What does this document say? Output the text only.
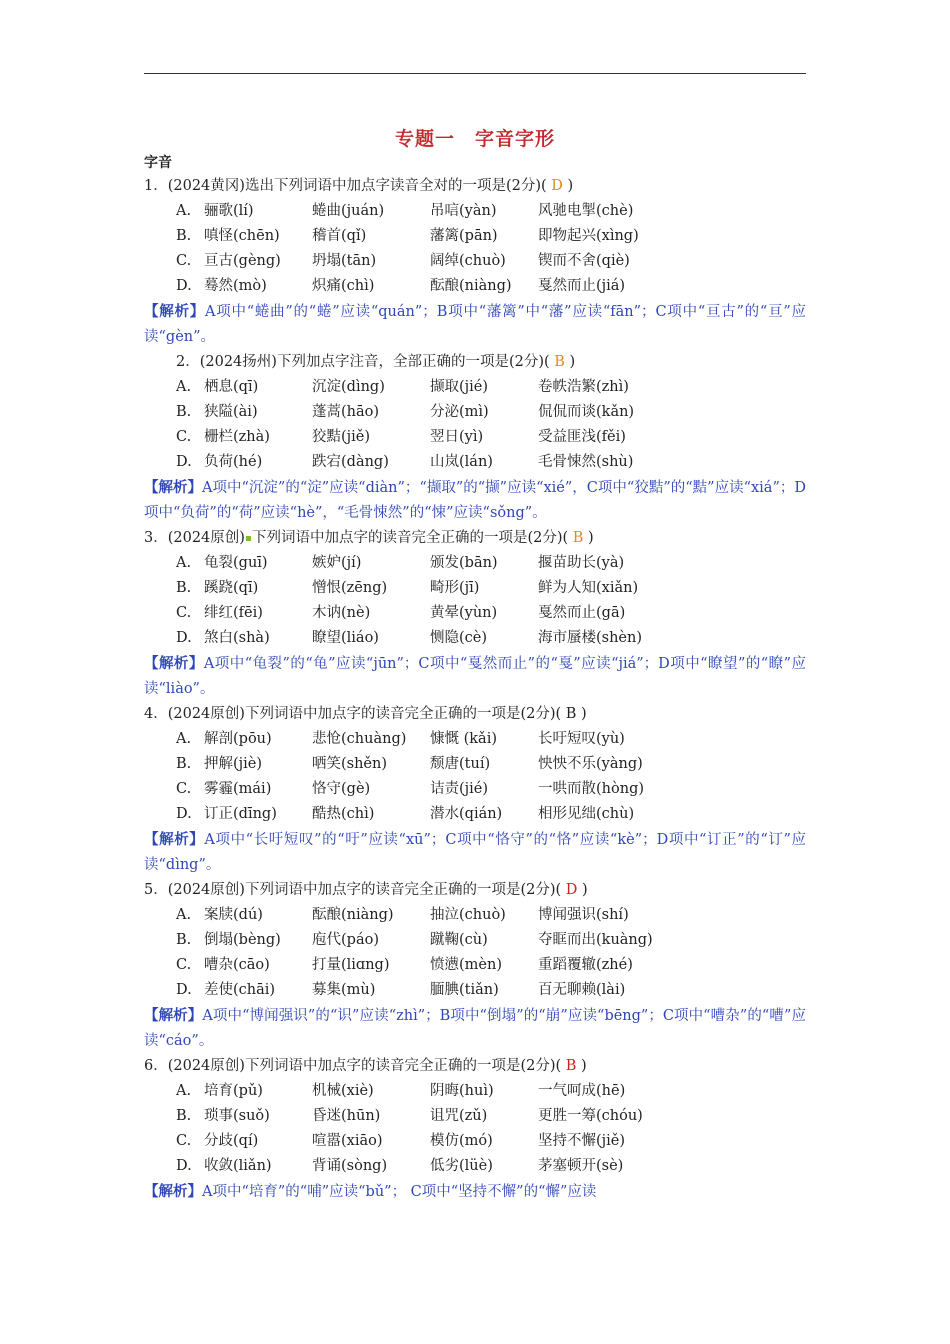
专题一　字音字形
字音
1．(2024黄冈)选出下列词语中加点字读音全对的一项是(2分)( D )
A. 骊歌(lí)	蜷曲(juán)	吊唁(yàn)	风驰电掣(chè)
B. 嗔怪(chēn)	稽首(qǐ)	藩篱(pān)	即物起兴(xìng)
C. 亘古(gèng)	坍塌(tān)	阔绰(chuò)	锲而不舍(qiè)
D. 蓦然(mò)	炽痛(chì)	酝酿(niàng)	戛然而止(jiá)
【解析】A项中“蜷曲”的“蜷”应读“quán”；B项中“藩篱”中“藩”应读“fān”；C项中“亘古”的“亘”应读“gèn”。
2．(2024扬州)下列加点字注音，全部正确的一项是(2分)( B )
A. 栖息(qī)	沉淀(dìng)	撷取(jié)	卷帙浩繁(zhì)
B. 狭隘(ài)	蓬蒿(hāo)	分泌(mì)	侃侃而谈(kǎn)
C. 栅栏(zhà)	狡黠(jiě)	翌日(yì)	受益匪浅(fěi)
D. 负荷(hé)	跌宕(dàng)	山岚(lán)	毛骨悚然(shù)
【解析】A项中“沉淀”的“淀”应读“diàn”；“撷取”的“撷”应读“xié”，C项中“狡黠”的“黠”应读“xiá”；D项中“负荷”的“荷”应读“hè”，“毛骨悚然”的“悚”应读“sǒng”。
3．(2024原创) 下列词语中加点字的读音完全正确的一项是(2分)( B )
A. 龟裂(guī)	嫉妒(jí)	颁发(bān)	揠苗助长(yà)
B. 蹊跷(qī)	憎恨(zēng)	畸形(jī)	鲜为人知(xiǎn)
C. 绯红(fēi)	木讷(nè)	黄晕(yùn)	戛然而止(gā)
D. 煞白(shà)	瞭望(liáo)	恻隐(cè)	海市蜃楼(shèn)
【解析】A项中“龟裂”的“龟”应读“jūn”；C项中“戛然而止”的“戛”应读“jiá”；D项中“瞭望”的“瞭”应读“liào”。
4．(2024原创)下列词语中加点字的读音完全正确的一项是(2分)( B )
A. 解剖(pōu)	悲怆(chuàng)	慷慨 (kǎi)	长吁短叹(yù)
B. 押解(jiè)	哂笑(shěn)	颓唐(tuí)	怏怏不乐(yàng)
C. 雾霾(mái)	恪守(gè)	诘责(jié)	一哄而散(hòng)
D. 订正(dīng)	酷热(chì)	潜水(qián)	相形见绌(chù)
【解析】A项中“长吁短叹”的“吁”应读“xū”；C项中“恪守”的“恪”应读“kè”；D项中“订正”的“订”应读“dìng”。
5．(2024原创)下列词语中加点字的读音完全正确的一项是(2分)( D )
A. 案牍(dú)	酝酿(niàng)	抽泣(chuò)	博闻强识(shí)
B. 倒塌(bèng)	庖代(páo)	蹴鞠(cù)	夺眶而出(kuàng)
C. 嘈杂(cāo)	打量(liɑng)	愤懑(mèn)	重蹈覆辙(zhé)
D. 差使(chāi)	募集(mù)	腼腆(tiǎn)	百无聊赖(lài)
【解析】A项中“博闻强识”的“识”应读“zhì”；B项中“倒塌”的“崩”应读“bēng”；C项中“嘈杂”的“嘈”应读“cáo”。
6．(2024原创)下列词语中加点字的读音完全正确的一项是(2分)( B )
A. 培育(pǔ)	机械(xiè)	阴晦(huì)	一气呵成(hē)
B. 琐事(suǒ)	昏迷(hūn)	诅咒(zǔ)	更胜一筹(chóu)
C. 分歧(qí)	喧嚣(xiāo)	模仿(mó)	坚持不懈(jiě)
D. 收敛(liǎn)	背诵(sòng)	低劣(lüè)	茅塞顿开(sè)
【解析】A项中“培育”的“哺”应读“bǔ”； C项中“坚持不懈”的“懈”应读
